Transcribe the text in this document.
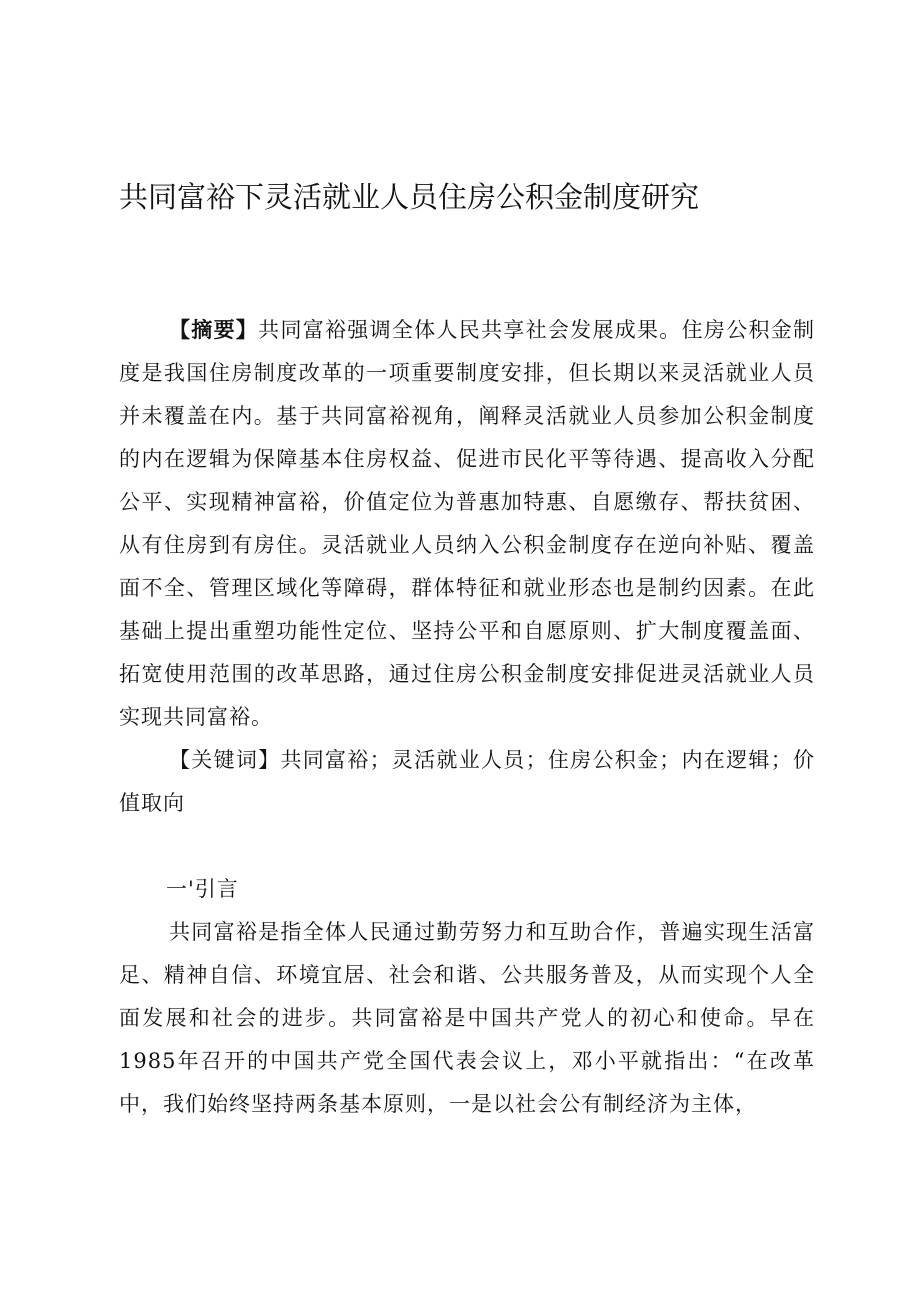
共同富裕下灵活就业人员住房公积金制度研究

【摘要】共同富裕强调全体人民共享社会发展成果。住房公积金制度是我国住房制度改革的一项重要制度安排，但长期以来灵活就业人员并未覆盖在内。基于共同富裕视角，阐释灵活就业人员参加公积金制度的内在逻辑为保障基本住房权益、促进市民化平等待遇、提高收入分配公平、实现精神富裕，价值定位为普惠加特惠、自愿缴存、帮扶贫困、从有住房到有房住。灵活就业人员纳入公积金制度存在逆向补贴、覆盖面不全、管理区域化等障碍，群体特征和就业形态也是制约因素。在此基础上提出重塑功能性定位、坚持公平和自愿原则、扩大制度覆盖面、拓宽使用范围的改革思路，通过住房公积金制度安排促进灵活就业人员实现共同富裕。

【关键词】共同富裕；灵活就业人员；住房公积金；内在逻辑；价值取向

一'引言

共同富裕是指全体人民通过勤劳努力和互助合作，普遍实现生活富足、精神自信、环境宜居、社会和谐、公共服务普及，从而实现个人全面发展和社会的进步。共同富裕是中国共产党人的初心和使命。早在1985年召开的中国共产党全国代表会议上，邓小平就指出：“在改革中，我们始终坚持两条基本原则，一是以社会公有制经济为主体，
